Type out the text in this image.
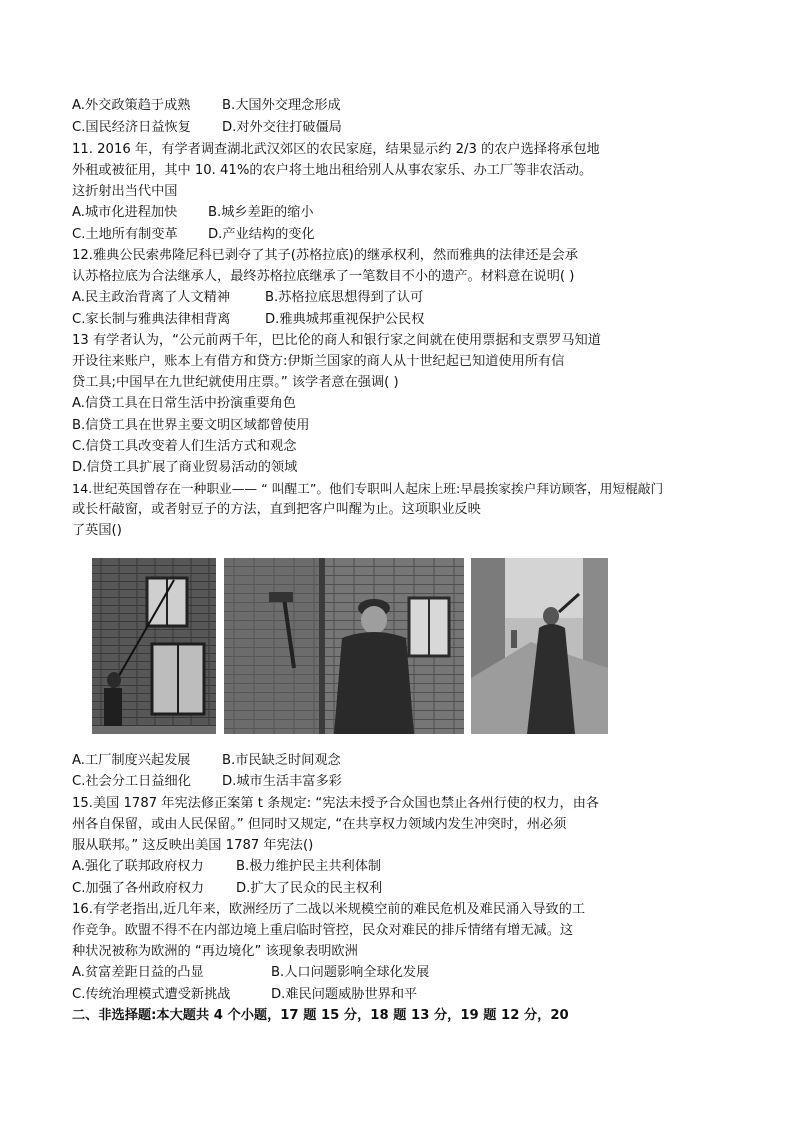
A.外交政策趋于成熟 B.大国外交理念形成
C.国民经济日益恢复 D.对外交往打破僵局
11. 2016 年，有学者调查湖北武汉郊区的农民家庭，结果显示约 2/3 的农户选择将承包地
外租或被征用，其中 10. 41%的农户将土地出租给别人从事农家乐、办工厂等非农活动。
这折射出当代中国
A.城市化进程加快 B.城乡差距的缩小
C.土地所有制变革 D.产业结构的变化
12.雅典公民索弗隆尼科已剥夺了其子(苏格拉底)的继承权利，然而雅典的法律还是会承
认苏格拉底为合法继承人，最终苏格拉底继承了一笔数目不小的遗产。材料意在说明( )
A.民主政治背离了人文精神	B.苏格拉底思想得到了认可
C.家长制与雅典法律相背离	D.雅典城邦重视保护公民权
13 有学者认为，“公元前两千年，巴比伦的商人和银行家之间就在使用票据和支票罗马知道
开设往来账户，账本上有借方和贷方:伊斯兰国家的商人从十世纪起已知道使用所有信
贷工具;中国早在九世纪就使用庄票。” 该学者意在强调( )
A.信贷工具在日常生活中扮演重要角色
B.信贷工具在世界主要文明区域都曾使用
C.信贷工具改变着人们生活方式和观念
D.信贷工具扩展了商业贸易活动的领域
14.世纪英国曾存在一种职业—— “ 叫醒工”。他们专职叫人起床上班:早晨挨家挨户拜访顾客，用短棍敲门
或长杆敲窗，或者射豆子的方法，直到把客户叫醒为止。这项职业反映
了英国()
A.工厂制度兴起发展 B.市民缺乏时间观念
C.社会分工日益细化 D.城市生活丰富多彩
15.美国 1787 年宪法修正案第 t 条规定: “宪法未授予合众国也禁止各州行使的权力，由各
州各自保留，或由人民保留。” 但同时又规定, “在共享权力领域内发生冲突时，州必须
服从联邦。” 这反映出美国 1787 年宪法()
A.强化了联邦政府权力 B.极力维护民主共利体制
C.加强了各州政府权力 D.扩大了民众的民主权利
16.有学老指出,近几年来，欧洲经历了二战以米规模空前的难民危机及难民涌入导致的工
作竞争。欧盟不得不在内部边境上重启临时管控，民众对难民的排斥情绪有增无减。这
种状况被称为欧洲的 “再边境化” 该现象表明欧洲
A.贫富差距日益的凸显	B.人口问题影响全球化发展
C.传统治理模式遭受新挑战	D.难民问题威胁世界和平
二、非选择题:本大题共 4 个小题，17 题 15 分，18 题 13 分，19 题 12 分，20
